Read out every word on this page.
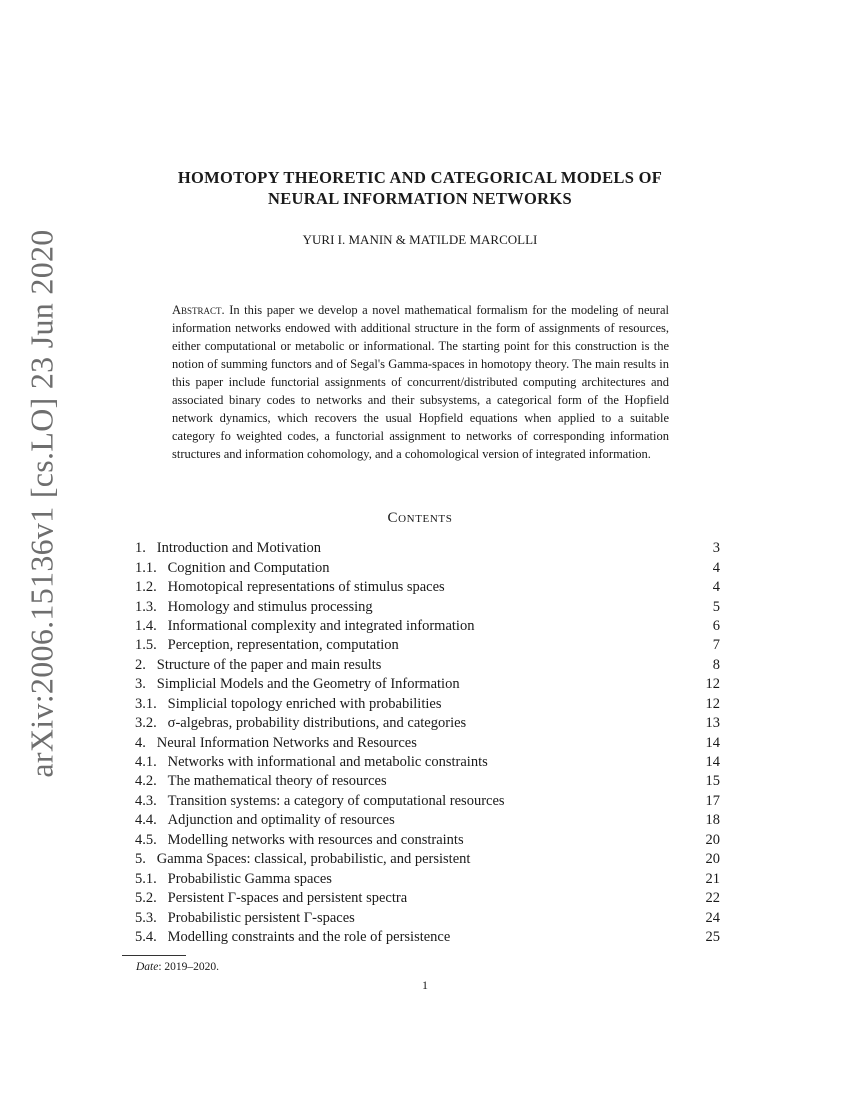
arXiv:2006.15136v1 [cs.LO] 23 Jun 2020
HOMOTOPY THEORETIC AND CATEGORICAL MODELS OF
NEURAL INFORMATION NETWORKS
YURI I. MANIN & MATILDE MARCOLLI
Abstract. In this paper we develop a novel mathematical formalism for the modeling of neural information networks endowed with additional structure in the form of assignments of resources, either computational or metabolic or informational. The starting point for this construction is the notion of summing functors and of Segal's Gamma-spaces in homotopy theory. The main results in this paper include functorial assignments of concurrent/distributed computing architectures and associated binary codes to networks and their subsystems, a categorical form of the Hopfield network dynamics, which recovers the usual Hopfield equations when applied to a suitable category fo weighted codes, a functorial assignment to networks of corresponding information structures and information cohomology, and a cohomological version of integrated information.
Contents
1. Introduction and Motivation	3
1.1. Cognition and Computation	4
1.2. Homotopical representations of stimulus spaces	4
1.3. Homology and stimulus processing	5
1.4. Informational complexity and integrated information	6
1.5. Perception, representation, computation	7
2. Structure of the paper and main results	8
3. Simplicial Models and the Geometry of Information	12
3.1. Simplicial topology enriched with probabilities	12
3.2. σ-algebras, probability distributions, and categories	13
4. Neural Information Networks and Resources	14
4.1. Networks with informational and metabolic constraints	14
4.2. The mathematical theory of resources	15
4.3. Transition systems: a category of computational resources	17
4.4. Adjunction and optimality of resources	18
4.5. Modelling networks with resources and constraints	20
5. Gamma Spaces: classical, probabilistic, and persistent	20
5.1. Probabilistic Gamma spaces	21
5.2. Persistent Γ-spaces and persistent spectra	22
5.3. Probabilistic persistent Γ-spaces	24
5.4. Modelling constraints and the role of persistence	25
Date: 2019–2020.
1
